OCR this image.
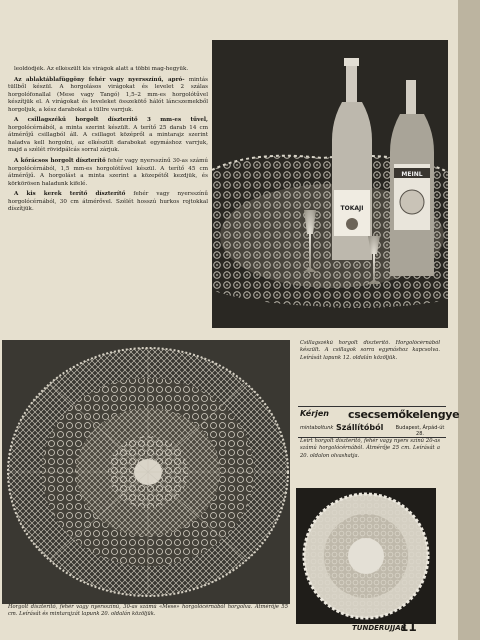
leoldódjék. Az elkészült kis virágok alatt a többi mag-hegyük.

Az ablaktáblafüggöny fehér vagy nyersszínű, apró- mintás tüllből készül. A horgolásos virágokat és levelet 2 szálas horgolófonallal (Mese vagy Tangó) 1,5–2 mm-es horgolótűvel készítjük el. A virágokat és leveleket összekötő hálót láncszemekből horgoljuk, a kész darabokat a tüllre varrjuk.

A csillagszékű horgolt díszterítő 3 mm-es tűvel, horgolócérnából, a minta szerint készült. A terítő 25 darab 14 cm átmérőjű csillagból áll. A csillagot középről a mintarajz szerint haladva kell horgolni, az elkészült darabokat egymáshoz varrjuk, majd a szélét rövidpálcás sorral zárjuk.

A kőrácsos horgolt díszterítő fehér vagy nyersszínű 30-as számú horgolócérnából, 1,5 mm-es horgolótűvel készül. A terítő 45 cm átmérőjű. A horgolást a minta szerint a közepétől kezdjük, és körkörösen haladunk kifelé.

A kis kerek terítő díszterítő fehér vagy nyersszínű horgolócérnából, 30 cm átmérővel. Szélét hosszú hurkos rojtokkal díszítjük.	TOKAJI
MEINL
Csillagszékű horgolt díszterítő. Horgolócérnából készült. A csillagok sorra egymáshoz kapcsolva. Leírását lapunk 12. oldalán közöljük.
Kérjen csecsemőkelengye
mintaboltunk Szállítóból	Budapest, Árpád-út 28.
Leírt horgolt díszterítő, fehér vagy nyers színű 20-as számú horgolócérnából. Átmérője 25 cm. Leírását a 20. oldalon olvashatja.
Horgolt díszterítő, fehér vagy nyersszínű, 30-as számú «Mese» horgolócérnából horgolva. Átmérője 55 cm. Leírását és mintarajzát lapunk 20. oldalán közöljük.
TÜNDÉRUJJAK
11
